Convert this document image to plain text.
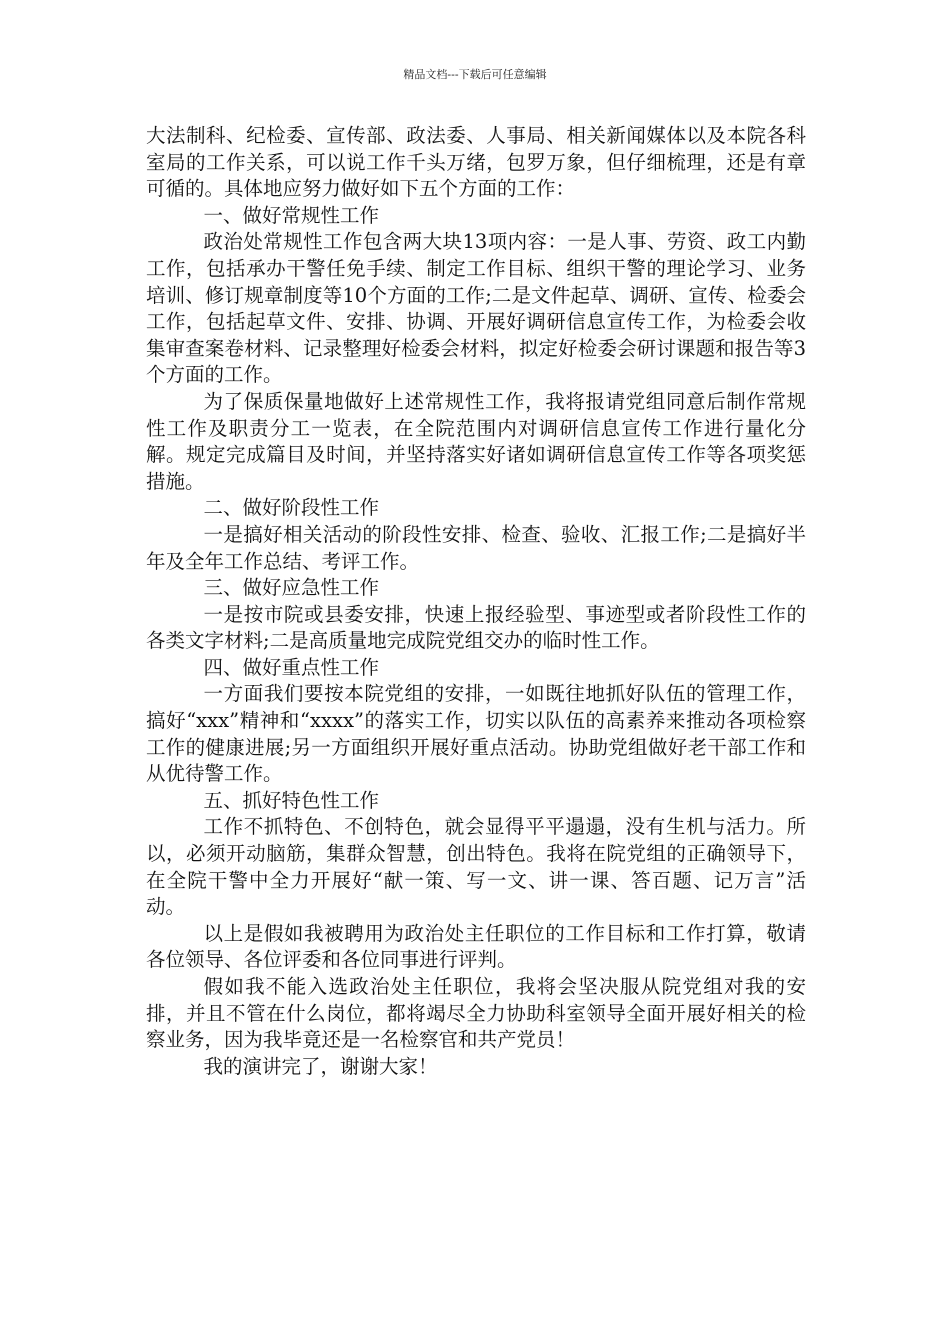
精品文档---下载后可任意编辑

大法制科、纪检委、宣传部、政法委、人事局、相关新闻媒体以及本院各科室局的工作关系，可以说工作千头万绪，包罗万象，但仔细梳理，还是有章可循的。具体地应努力做好如下五个方面的工作：

一、做好常规性工作

政治处常规性工作包含两大块13项内容：一是人事、劳资、政工内勤工作，包括承办干警任免手续、制定工作目标、组织干警的理论学习、业务培训、修订规章制度等10个方面的工作;二是文件起草、调研、宣传、检委会工作，包括起草文件、安排、协调、开展好调研信息宣传工作，为检委会收集审查案卷材料、记录整理好检委会材料，拟定好检委会研讨课题和报告等3个方面的工作。

为了保质保量地做好上述常规性工作，我将报请党组同意后制作常规性工作及职责分工一览表，在全院范围内对调研信息宣传工作进行量化分解。规定完成篇目及时间，并坚持落实好诸如调研信息宣传工作等各项奖惩措施。

二、做好阶段性工作

一是搞好相关活动的阶段性安排、检查、验收、汇报工作;二是搞好半年及全年工作总结、考评工作。

三、做好应急性工作

一是按市院或县委安排，快速上报经验型、事迹型或者阶段性工作的各类文字材料;二是高质量地完成院党组交办的临时性工作。

四、做好重点性工作

一方面我们要按本院党组的安排，一如既往地抓好队伍的管理工作，搞好“xxx”精神和“xxxx”的落实工作，切实以队伍的高素养来推动各项检察工作的健康进展;另一方面组织开展好重点活动。协助党组做好老干部工作和从优待警工作。

五、抓好特色性工作

工作不抓特色、不创特色，就会显得平平遢遢，没有生机与活力。所以，必须开动脑筋，集群众智慧，创出特色。我将在院党组的正确领导下，在全院干警中全力开展好“献一策、写一文、讲一课、答百题、记万言”活动。

以上是假如我被聘用为政治处主任职位的工作目标和工作打算，敬请各位领导、各位评委和各位同事进行评判。

假如我不能入选政治处主任职位，我将会坚决服从院党组对我的安排，并且不管在什么岗位，都将竭尽全力协助科室领导全面开展好相关的检察业务，因为我毕竟还是一名检察官和共产党员！

我的演讲完了，谢谢大家！
